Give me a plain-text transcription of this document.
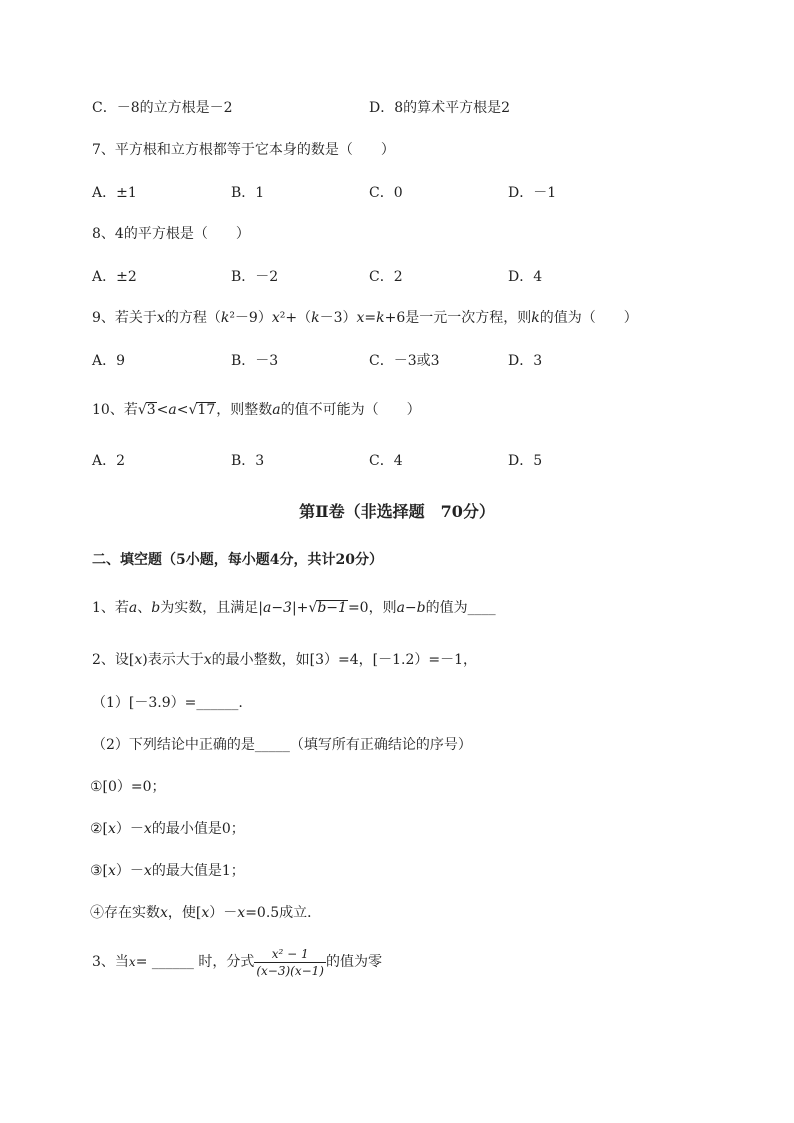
C．－8的立方根是－2	D．8的算术平方根是2
7、平方根和立方根都等于它本身的数是（　　）
A．±1	B．1	C．0	D．－1
8、4的平方根是（　　）
A．±2	B．－2	C．2	D．4
9、若关于x的方程（k²－9）x²+（k－3）x=k+6是一元一次方程，则k的值为（　　）
A．9	B．－3	C．－3或3	D．3
10、若√3<a<√17，则整数a的值不可能为（　　）
A．2	B．3	C．4	D．5
第Ⅱ卷（非选择题　70分）
二、填空题（5小题，每小题4分，共计20分）
1、若a、b为实数，且满足|a−3|+√b−1=0，则a−b的值为____
2、设[x)表示大于x的最小整数，如[3）=4，[－1.2）=－1，
（1）[－3.9）=______.
（2）下列结论中正确的是_____（填写所有正确结论的序号）
①[0）=0；
②[x）－x的最小值是0；
③[x）－x的最大值是1；
④存在实数x，使[x）－x=0.5成立．
3、当x= ______ 时，分式 $\frac{\text{x² − 1}}{(x-3)(x-1)}$ 的值为零
